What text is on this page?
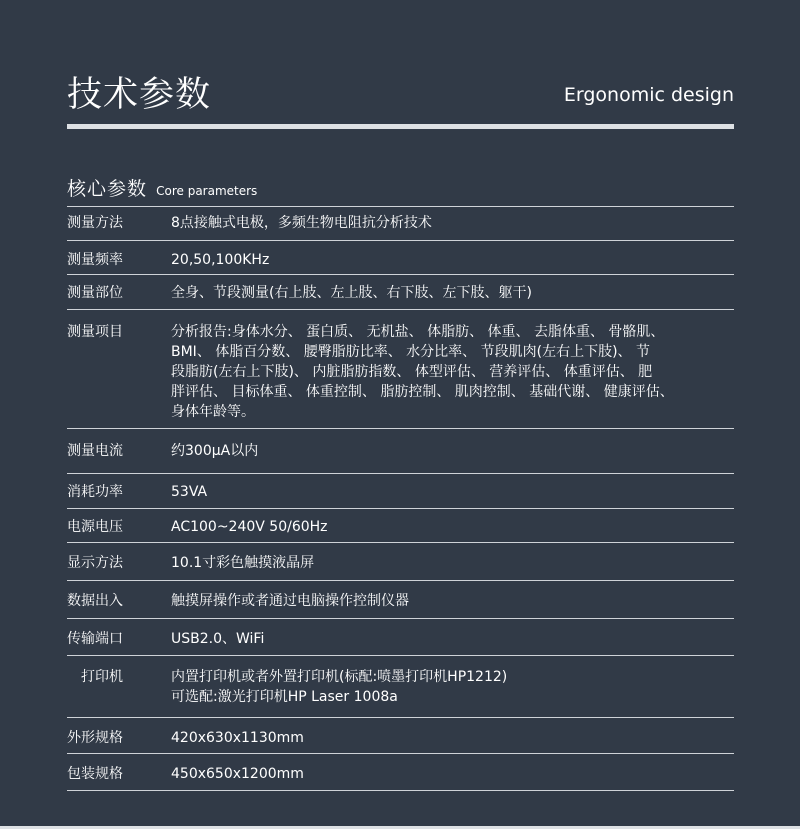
技术参数	Ergonomic design
核心参数 Core parameters
测量方法	8点接触式电极，多频生物电阻抗分析技术
测量频率	20,50,100KHz
测量部位	全身、节段测量(右上肢、左上肢、右下肢、左下肢、躯干)
测量项目	分析报告:身体水分、 蛋白质、 无机盐、 体脂肪、 体重、 去脂体重、 骨骼肌、
BMI、 体脂百分数、 腰臀脂肪比率、 水分比率、 节段肌肉(左右上下肢)、 节
段脂肪(左右上下肢)、 内脏脂肪指数、 体型评估、 营养评估、 体重评估、 肥
胖评估、 目标体重、 体重控制、 脂肪控制、 肌肉控制、 基础代谢、 健康评估、
身体年龄等。
测量电流	约300μA以内
消耗功率	53VA
电源电压	AC100~240V 50/60Hz
显示方法	10.1寸彩色触摸液晶屏
数据出入	触摸屏操作或者通过电脑操作控制仪器
传输端口	USB2.0、WiFi
打印机	内置打印机或者外置打印机(标配:喷墨打印机HP1212)
可选配:激光打印机HP Laser 1008a
外形规格	420x630x1130mm
包装规格	450x650x1200mm
